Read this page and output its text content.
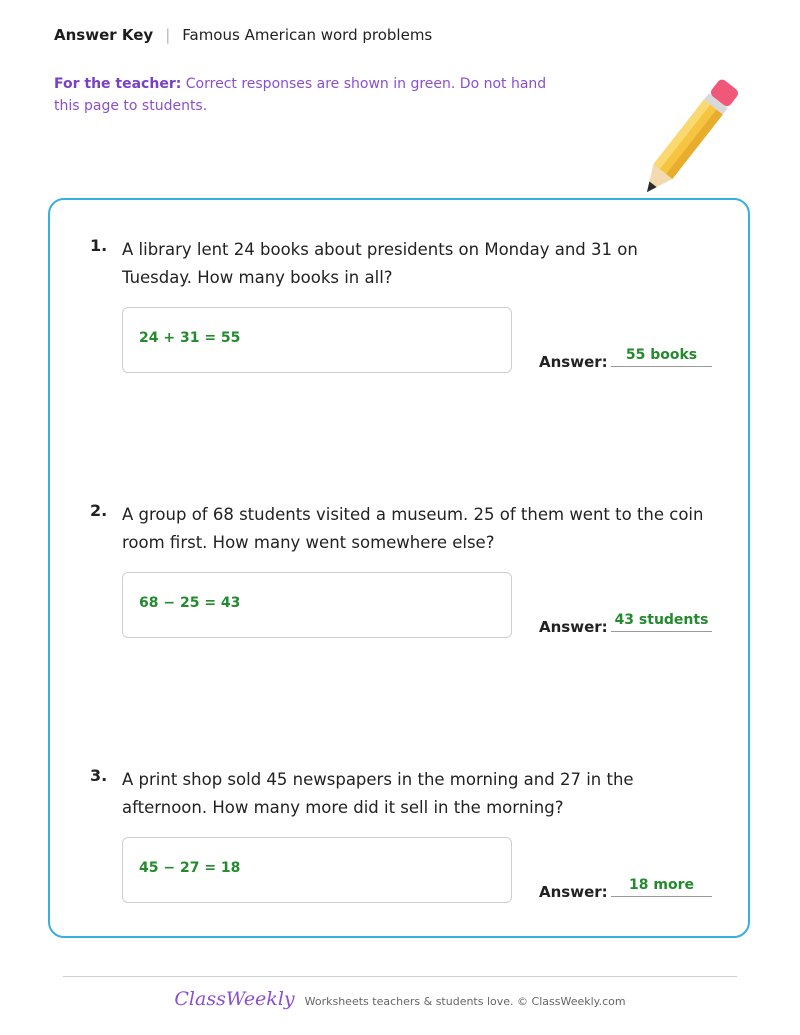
Answer Key | Famous American word problems
For the teacher: Correct responses are shown in green. Do not hand this page to students.
1. A library lent 24 books about presidents on Monday and 31 on Tuesday. How many books in all?
24 + 31 = 55
Answer:	55 books
2. A group of 68 students visited a museum. 25 of them went to the coin room first. How many went somewhere else?
68 − 25 = 43
Answer: 43 students
3. A print shop sold 45 newspapers in the morning and 27 in the afternoon. How many more did it sell in the morning?
45 − 27 = 18
Answer:	18 more
ClassWeekly Worksheets teachers & students love. © ClassWeekly.com
